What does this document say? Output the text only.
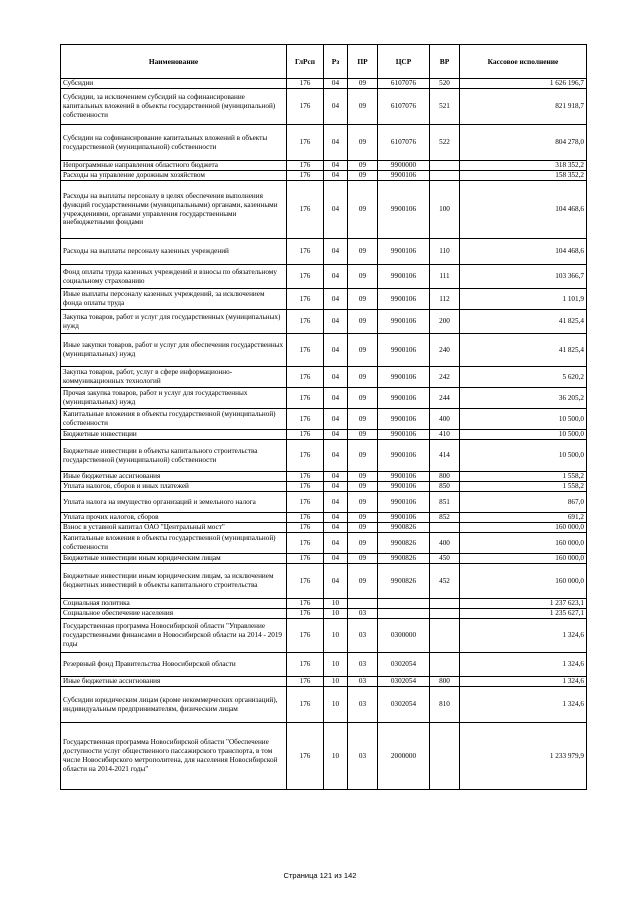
Наименование	ГлРсп	Рз	ПР	ЦСР	ВР	Кассовое исполнение
Субсидии	176	04	09	6107076	520	1 626 196,7
Субсидии, за исключением субсидий на софинансирование капитальных вложений в объекты государственной (муниципальной) собственности	176	04	09	6107076	521	821 918,7
Субсидии на софинансирование капитальных вложений в объекты государственной (муниципальной) собственности	176	04	09	6107076	522	804 278,0
Непрограммные направления областного бюджета	176	04	09	9900000		318 352,2
Расходы на управление дорожным хозяйством	176	04	09	9900106		158 352,2
Расходы на выплаты персоналу в целях обеспечения выполнения функций государственными (муниципальными) органами, казенными учреждениями, органами управления государственными внебюджетными фондами	176	04	09	9900106	100	104 468,6
Расходы на выплаты персоналу казенных учреждений	176	04	09	9900106	110	104 468,6
Фонд оплаты труда казенных учреждений и взносы по обязательному социальному страхованию	176	04	09	9900106	111	103 366,7
Иные выплаты персоналу казенных учреждений, за исключением фонда оплаты труда	176	04	09	9900106	112	1 101,9
Закупка товаров, работ и услуг для государственных (муниципальных) нужд	176	04	09	9900106	200	41 825,4
Иные закупки товаров, работ и услуг для обеспечения государственных (муниципальных) нужд	176	04	09	9900106	240	41 825,4
Закупка товаров, работ, услуг в сфере информационно-коммуникационных технологий	176	04	09	9900106	242	5 620,2
Прочая закупка товаров, работ и услуг для государственных (муниципальных) нужд	176	04	09	9900106	244	36 205,2
Капитальные вложения в объекты государственной (муниципальной) собственности	176	04	09	9900106	400	10 500,0
Бюджетные инвестиции	176	04	09	9900106	410	10 500,0
Бюджетные инвестиции в объекты капитального строительства государственной (муниципальной) собственности	176	04	09	9900106	414	10 500,0
Иные бюджетные ассигнования	176	04	09	9900106	800	1 558,2
Уплата налогов, сборов и иных платежей	176	04	09	9900106	850	1 558,2
Уплата налога на имущество организаций и земельного налога	176	04	09	9900106	851	867,0
Уплата прочих налогов, сборов	176	04	09	9900106	852	691,2
Взнос в уставной капитал ОАО "Центральный мост"	176	04	09	9900826		160 000,0
Капитальные вложения в объекты государственной (муниципальной) собственности	176	04	09	9900826	400	160 000,0
Бюджетные инвестиции иным юридическим лицам	176	04	09	9900826	450	160 000,0
Бюджетные инвестиции иным юридическим лицам, за исключением бюджетных инвестиций в объекты капитального строительства	176	04	09	9900826	452	160 000,0
Социальная политика	176	10				1 237 623,1
Социальное обеспечение населения	176	10	03			1 235 627,1
Государственная программа Новосибирской области "Управление государственными финансами в Новосибирской области на 2014 - 2019 годы	176	10	03	0300000		1 324,6
Резервный фонд Правительства Новосибирской области	176	10	03	0302054		1 324,6
Иные бюджетные ассигнования	176	10	03	0302054	800	1 324,6
Субсидии юридическим лицам (кроме некоммерческих организаций), индивидуальным предпринимателям, физическим лицам	176	10	03	0302054	810	1 324,6
Государственная программа Новосибирской области "Обеспечение доступности услуг общественного пассажирского транспорта, в том числе Новосибирского метрополитена, для населения Новосибирской области на 2014-2021 годы"	176	10	03	2000000		1 233 979,9
Страница 121 из 142
